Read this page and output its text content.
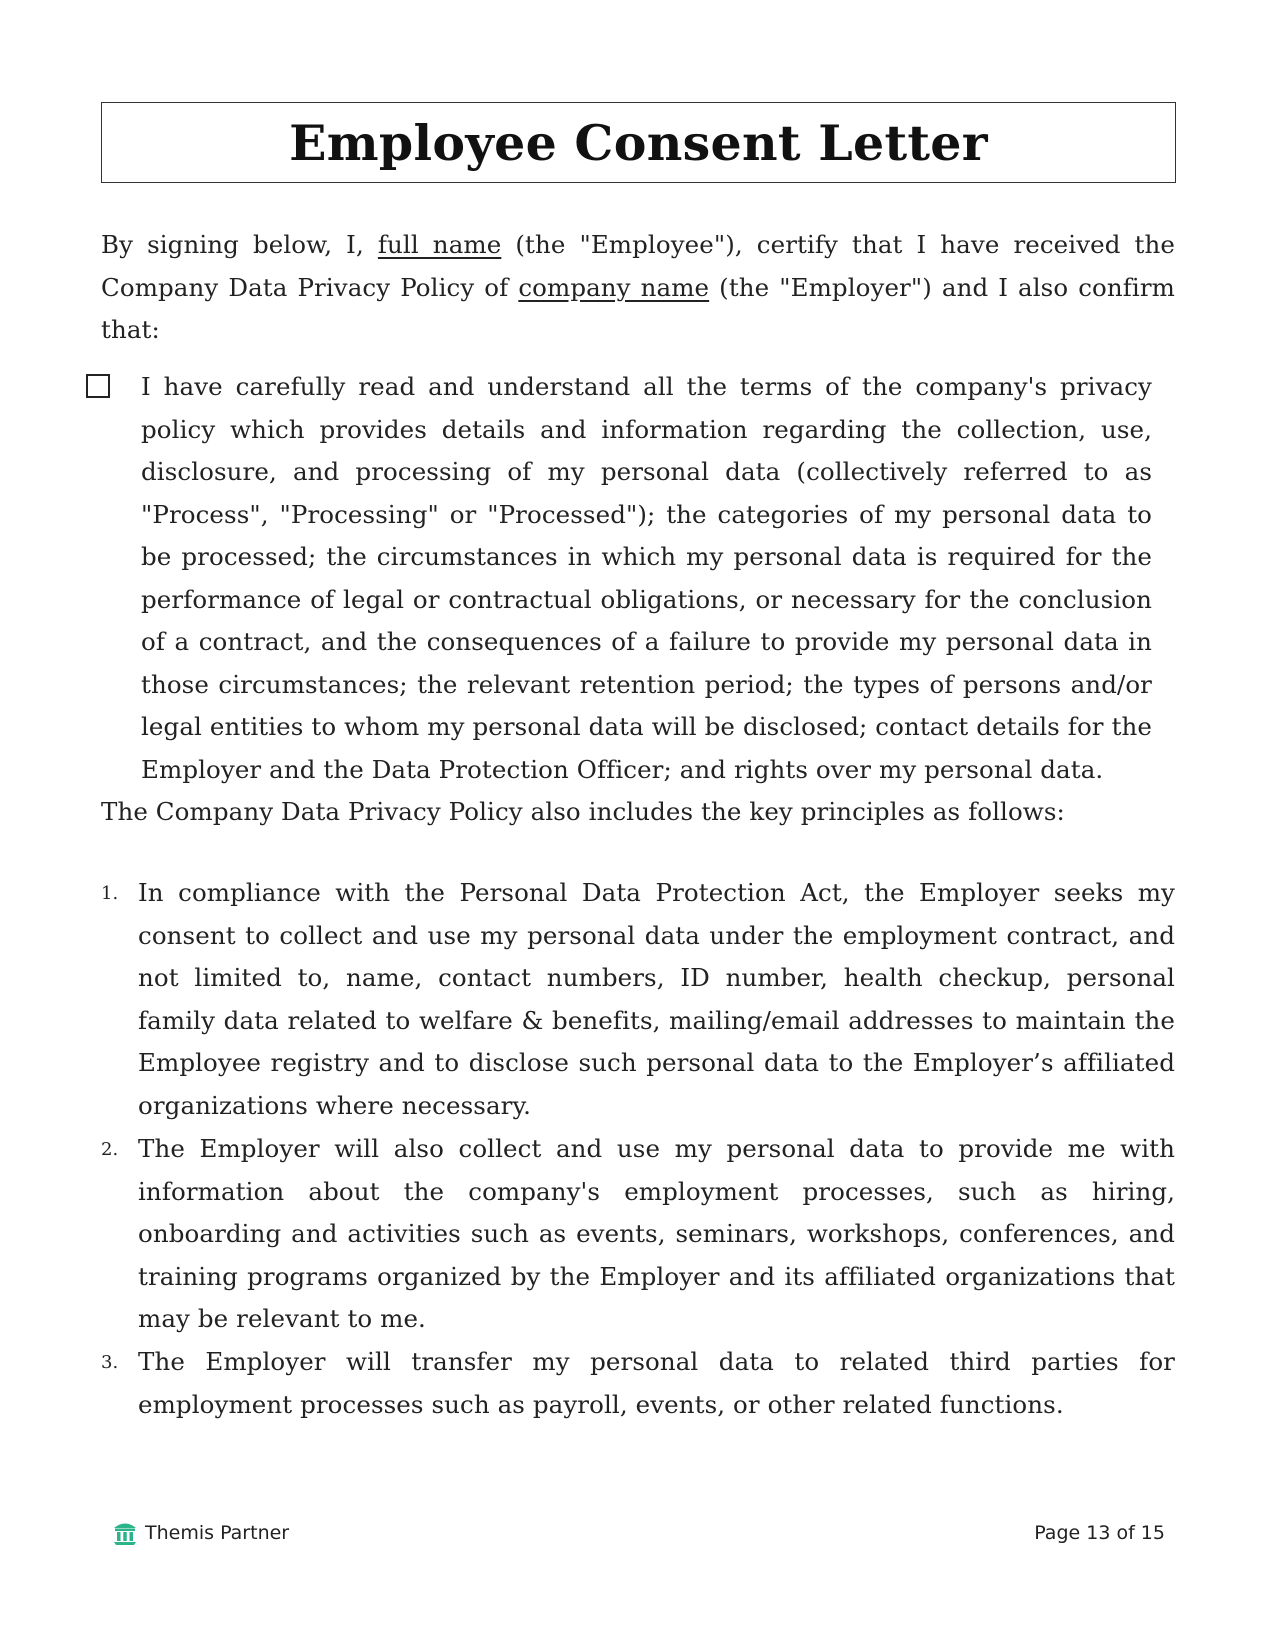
Employee Consent Letter

By signing below, I, full name (the "Employee"), certify that I have received the Company Data Privacy Policy of company name (the "Employer") and I also confirm that:

I have carefully read and understand all the terms of the company's privacy policy which provides details and information regarding the collection, use, disclosure, and processing of my personal data (collectively referred to as "Process", "Processing" or "Processed"); the categories of my personal data to be processed; the circumstances in which my personal data is required for the performance of legal or contractual obligations, or necessary for the conclusion of a contract, and the consequences of a failure to provide my personal data in those circumstances; the relevant retention period; the types of persons and/or legal entities to whom my personal data will be disclosed; contact details for the Employer and the Data Protection Officer; and rights over my personal data.

The Company Data Privacy Policy also includes the key principles as follows:

1. In compliance with the Personal Data Protection Act, the Employer seeks my consent to collect and use my personal data under the employment contract, and not limited to, name, contact numbers, ID number, health checkup, personal family data related to welfare & benefits, mailing/email addresses to maintain the Employee registry and to disclose such personal data to the Employer’s affiliated organizations where necessary.

2. The Employer will also collect and use my personal data to provide me with information about the company's employment processes, such as hiring, onboarding and activities such as events, seminars, workshops, conferences, and training programs organized by the Employer and its affiliated organizations that may be relevant to me.

3. The Employer will transfer my personal data to related third parties for employment processes such as payroll, events, or other related functions.

Themis Partner	Page 13 of 15
